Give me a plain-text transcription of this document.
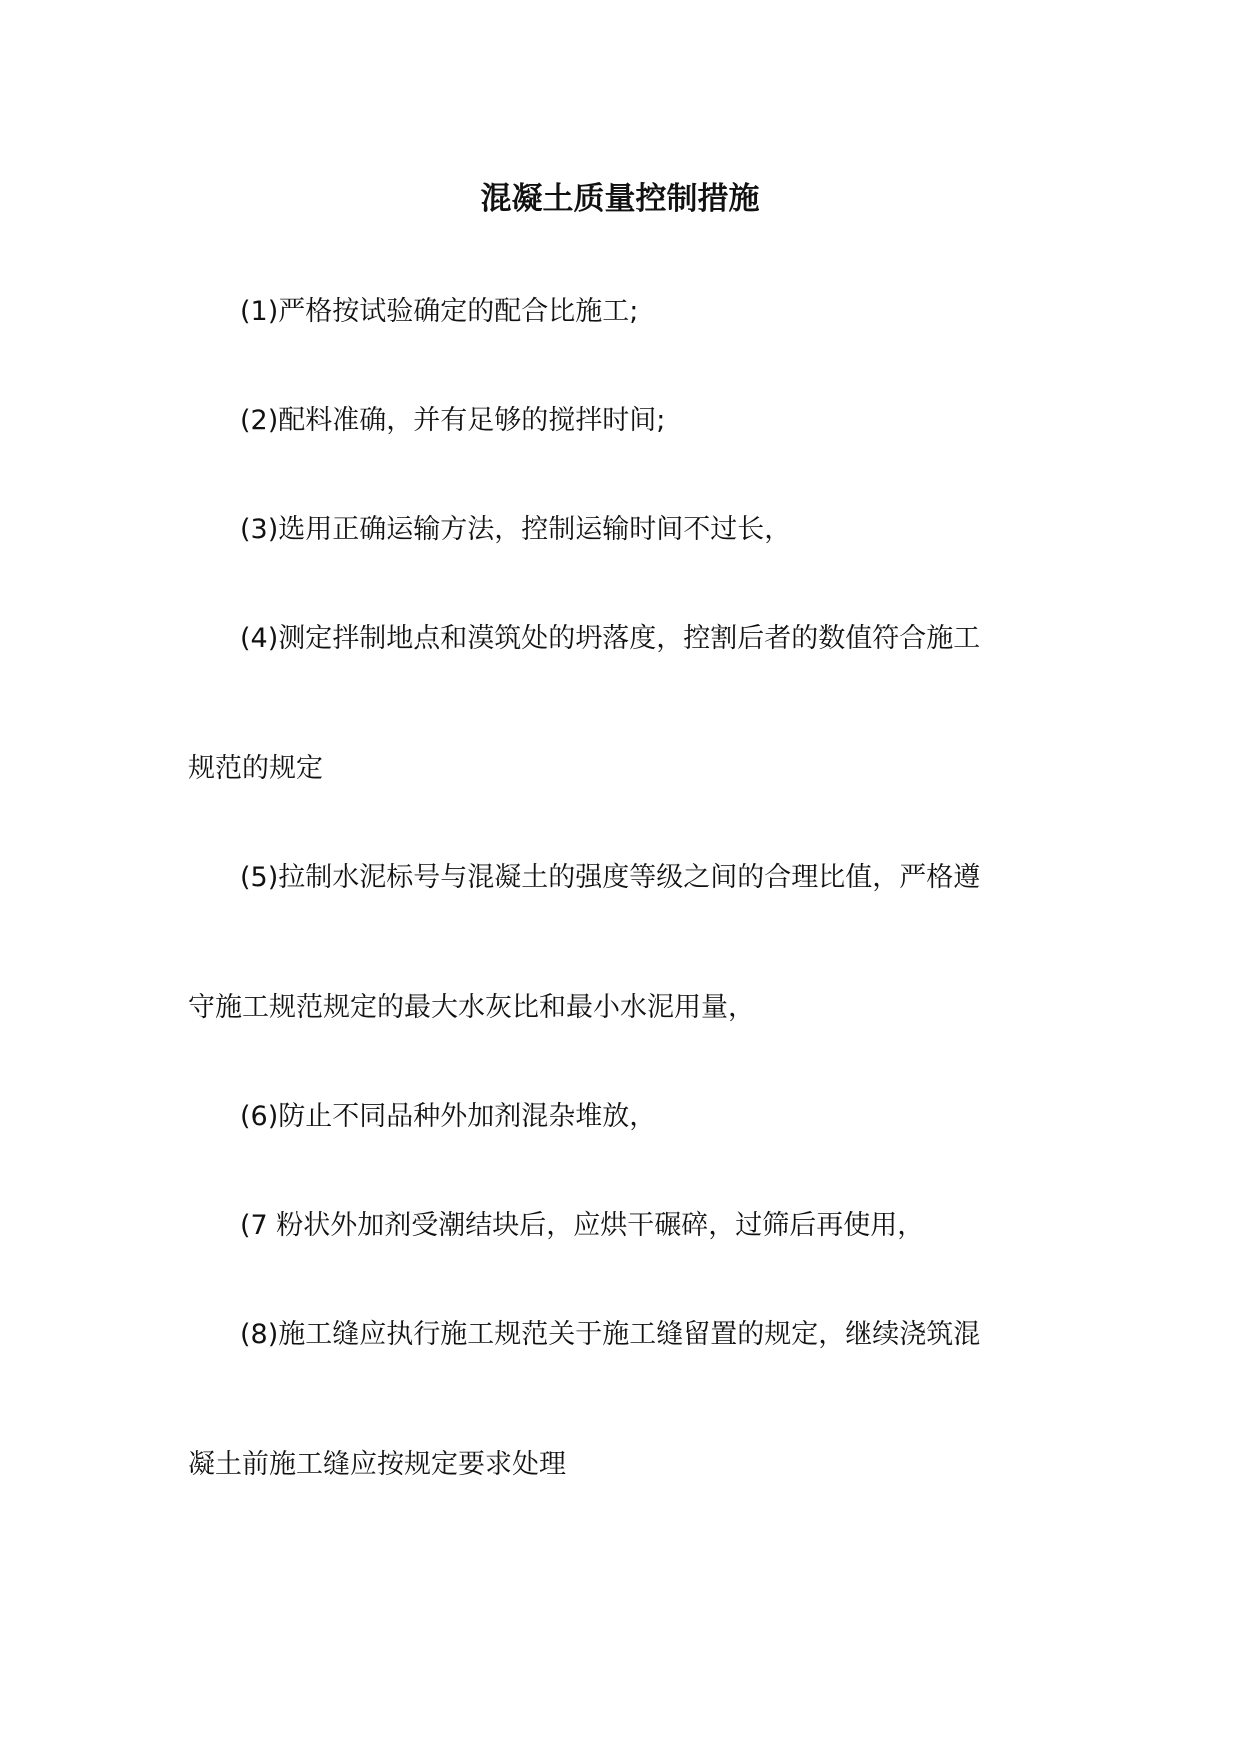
混凝土质量控制措施
(1)严格按试验确定的配合比施工;
(2)配料准确，并有足够的搅拌时间;
(3)选用正确运输方法，控制运输时间不过长，
(4)测定拌制地点和漠筑处的坍落度，控割后者的数值符合施工
规范的规定
(5)拉制水泥标号与混凝土的强度等级之间的合理比值，严格遵
守施工规范规定的最大水灰比和最小水泥用量，
(6)防止不同品种外加剂混杂堆放，
(7 粉状外加剂受潮结块后，应烘干碾碎，过筛后再使用，
(8)施工缝应执行施工规范关于施工缝留置的规定，继续浇筑混
凝土前施工缝应按规定要求处理
